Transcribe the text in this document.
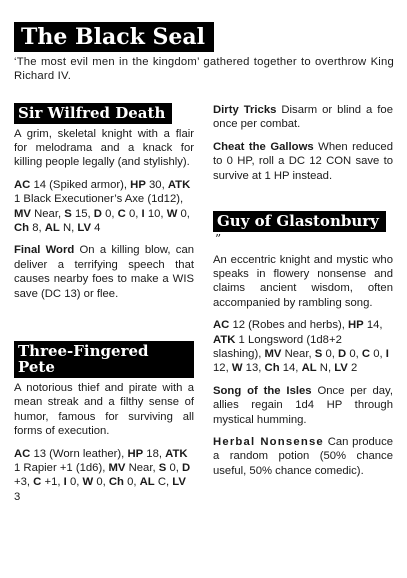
The Black Seal

‘The most evil men in the kingdom’ gathered together to overthrow King Richard IV.

Sir Wilfred Death

A grim, skeletal knight with a flair for melodrama and a knack for killing people legally (and stylishly).

AC 14 (Spiked armor), HP 30, ATK 1 Black Executioner’s Axe (1d12), MV Near, S 15, D 0, C 0, I 10, W 0, Ch 8, AL N, LV 4

Final Word On a killing blow, can deliver a terrifying speech that causes nearby foes to make a WIS save (DC 13) or flee.

Three-Fingered Pete

A notorious thief and pirate with a mean streak and a filthy sense of humor, famous for surviving all forms of execution.

AC 13 (Worn leather), HP 18, ATK 1 Rapier +1 (1d6), MV Near, S 0, D +3, C +1, I 0, W 0, Ch 0, AL C, LV 3

Dirty Tricks Disarm or blind a foe once per combat.

Cheat the Gallows When reduced to 0 HP, roll a DC 12 CON save to survive at 1 HP instead.

Guy of Glastonbury”

An eccentric knight and mystic who speaks in flowery nonsense and claims ancient wisdom, often accompanied by rambling song.

AC 12 (Robes and herbs), HP 14, ATK 1 Longsword (1d8+2 slashing), MV Near, S 0, D 0, C 0, I 12, W 13, Ch 14, AL N, LV 2

Song of the Isles Once per day, allies regain 1d4 HP through mystical humming.

Herbal Nonsense Can produce a random potion (50% chance useful, 50% chance comedic).
